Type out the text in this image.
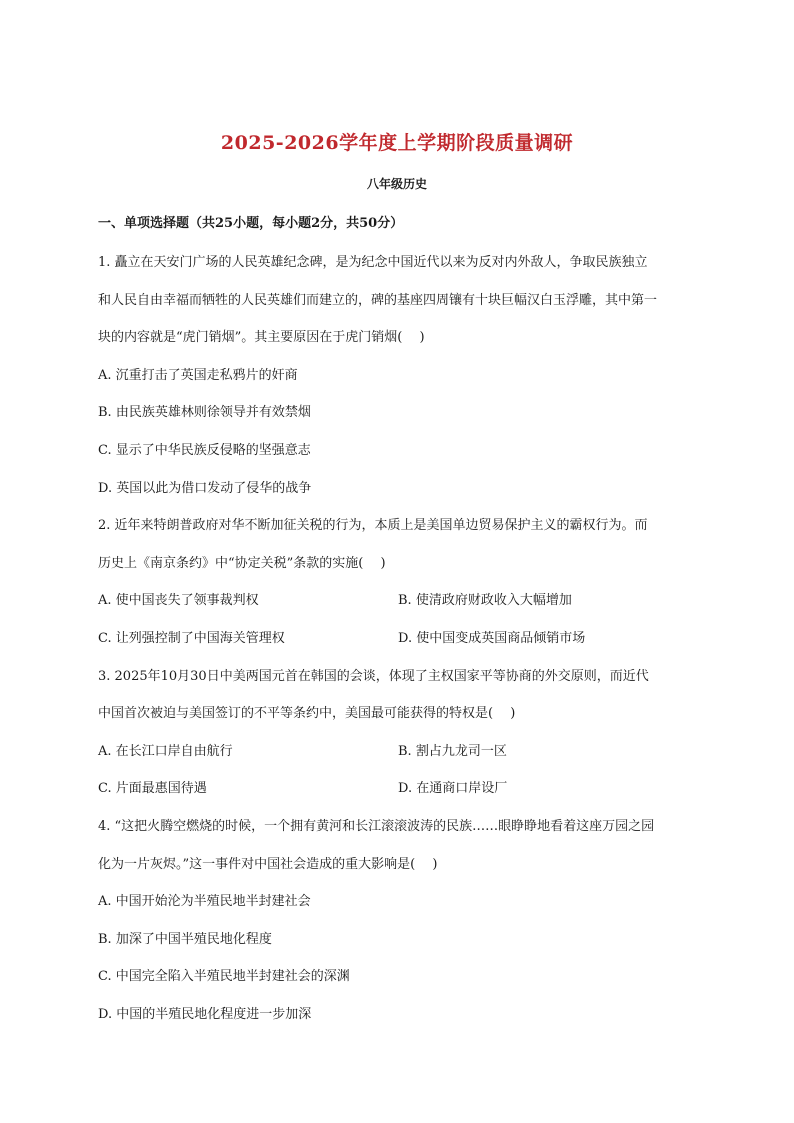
2025-2026学年度上学期阶段质量调研
八年级历史
一、单项选择题（共25小题，每小题2分，共50分）
1. 矗立在天安门广场的人民英雄纪念碑，是为纪念中国近代以来为反对内外敌人，争取民族独立
和人民自由幸福而牺牲的人民英雄们而建立的，碑的基座四周镶有十块巨幅汉白玉浮雕，其中第一
块的内容就是“虎门销烟”。其主要原因在于虎门销烟(　 )
A. 沉重打击了英国走私鸦片的奸商
B. 由民族英雄林则徐领导并有效禁烟
C. 显示了中华民族反侵略的坚强意志
D. 英国以此为借口发动了侵华的战争
2. 近年来特朗普政府对华不断加征关税的行为，本质上是美国单边贸易保护主义的霸权行为。而
历史上《南京条约》中“协定关税”条款的实施(　 )
A. 使中国丧失了领事裁判权	B. 使清政府财政收入大幅增加
C. 让列强控制了中国海关管理权	D. 使中国变成英国商品倾销市场
3. 2025年10月30日中美两国元首在韩国的会谈，体现了主权国家平等协商的外交原则，而近代
中国首次被迫与美国签订的不平等条约中，美国最可能获得的特权是(　 )
A. 在长江口岸自由航行	B. 割占九龙司一区
C. 片面最惠国待遇	D. 在通商口岸设厂
4. “这把火腾空燃烧的时候，一个拥有黄河和长江滚滚波涛的民族……眼睁睁地看着这座万园之园
化为一片灰烬。”这一事件对中国社会造成的重大影响是(　 )
A. 中国开始沦为半殖民地半封建社会
B. 加深了中国半殖民地化程度
C. 中国完全陷入半殖民地半封建社会的深渊
D. 中国的半殖民地化程度进一步加深
